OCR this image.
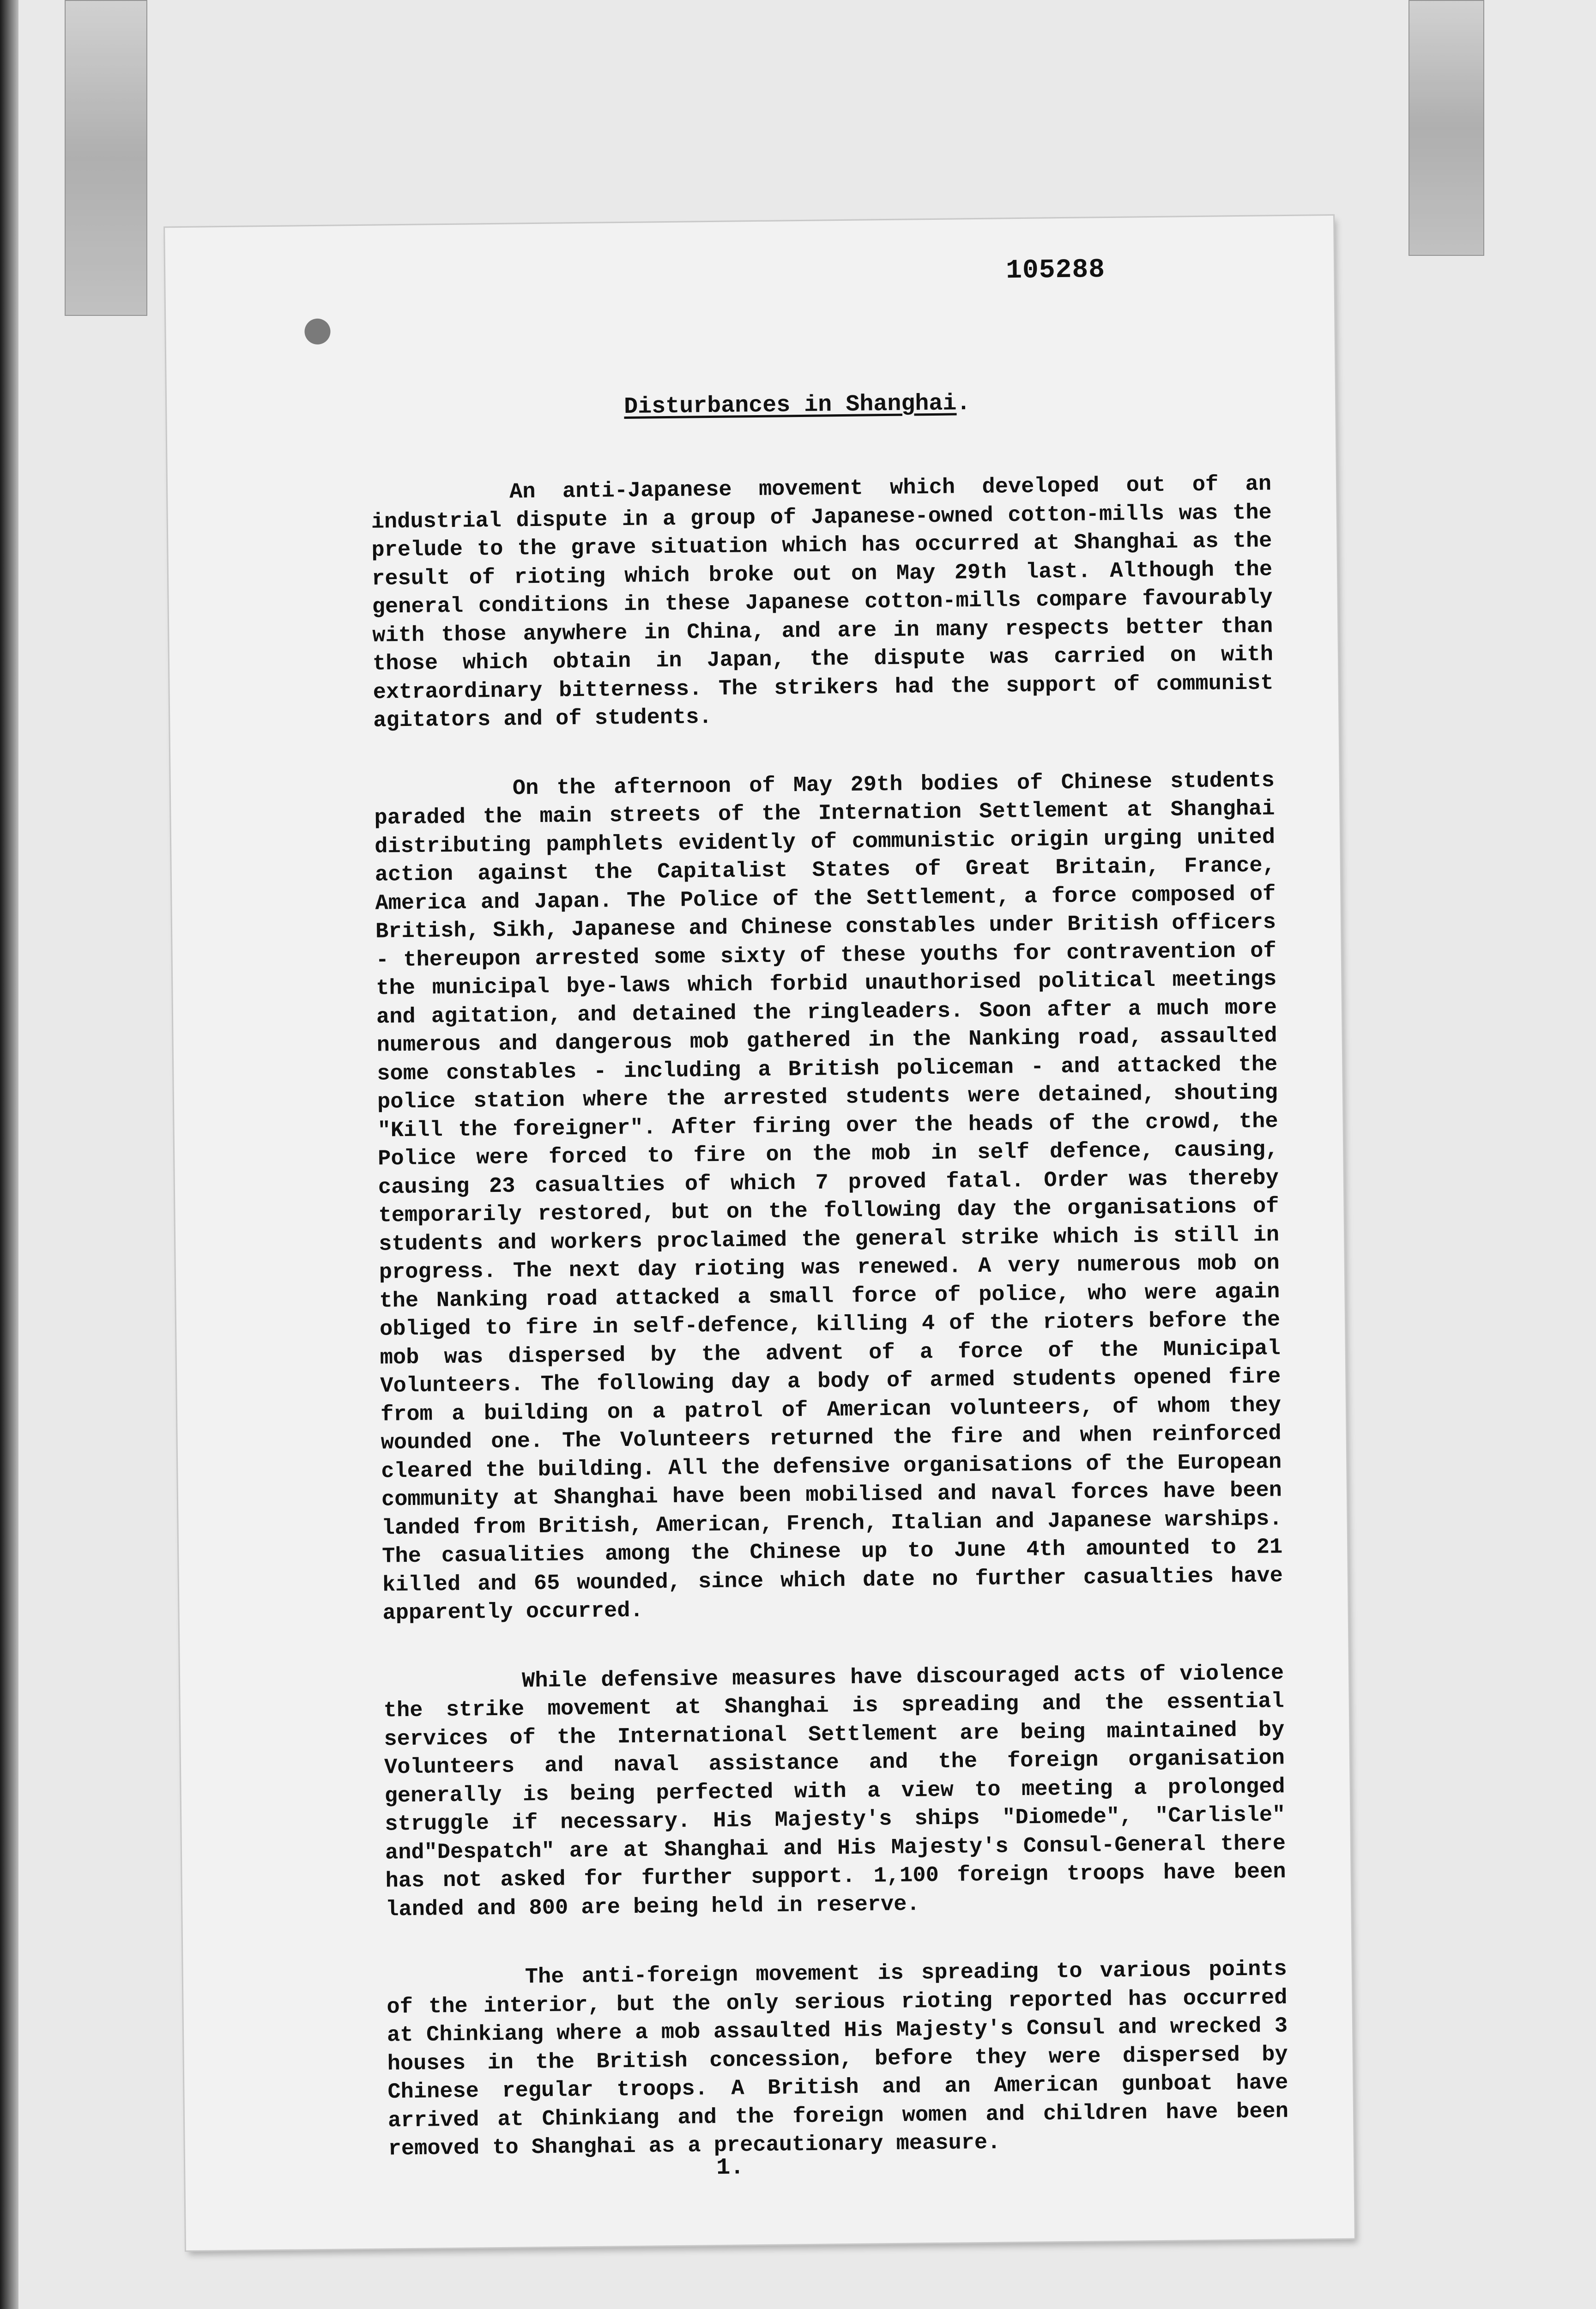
105288
Disturbances in Shanghai.

An anti-Japanese movement which developed out of an industrial dispute in a group of Japanese-owned cotton-mills was the prelude to the grave situation which has occurred at Shanghai as the result of rioting which broke out on May 29th last. Although the general conditions in these Japanese cotton-mills compare favourably with those anywhere in China, and are in many respects better than those which obtain in Japan, the dispute was carried on with extraordinary bitterness. The strikers had the support of communist agitators and of students.

On the afternoon of May 29th bodies of Chinese students paraded the main streets of the Internation Settlement at Shanghai distributing pamphlets evidently of communistic origin urging united action against the Capitalist States of Great Britain, France, America and Japan. The Police of the Settlement, a force composed of British, Sikh, Japanese and Chinese constables under British officers - thereupon arrested some sixty of these youths for contravention of the municipal bye-laws which forbid unauthorised political meetings and agitation, and detained the ringleaders. Soon after a much more numerous and dangerous mob gathered in the Nanking road, assaulted some constables - including a British policeman - and attacked the police station where the arrested students were detained, shouting "Kill the foreigner". After firing over the heads of the crowd, the Police were forced to fire on the mob in self defence, causing, causing 23 casualties of which 7 proved fatal. Order was thereby temporarily restored, but on the following day the organisations of students and workers proclaimed the general strike which is still in progress. The next day rioting was renewed. A very numerous mob on the Nanking road attacked a small force of police, who were again obliged to fire in self-defence, killing 4 of the rioters before the mob was dispersed by the advent of a force of the Municipal Volunteers. The following day a body of armed students opened fire from a building on a patrol of American volunteers, of whom they wounded one. The Volunteers returned the fire and when reinforced cleared the building. All the defensive organisations of the European community at Shanghai have been mobilised and naval forces have been landed from British, American, French, Italian and Japanese warships. The casualities among the Chinese up to June 4th amounted to 21 killed and 65 wounded, since which date no further casualties have apparently occurred.

While defensive measures have discouraged acts of violence the strike movement at Shanghai is spreading and the essential services of the International Settlement are being maintained by Volunteers and naval assistance and the foreign organisation generally is being perfected with a view to meeting a prolonged struggle if necessary. His Majesty's ships "Diomede", "Carlisle" and"Despatch" are at Shanghai and His Majesty's Consul-General there has not asked for further support. 1,100 foreign troops have been landed and 800 are being held in reserve.

The anti-foreign movement is spreading to various points of the interior, but the only serious rioting reported has occurred at Chinkiang where a mob assaulted His Majesty's Consul and wrecked 3 houses in the British concession, before they were dispersed by Chinese regular troops. A British and an American gunboat have arrived at Chinkiang and the foreign women and children have been removed to Shanghai as a precautionary measure.

1.
